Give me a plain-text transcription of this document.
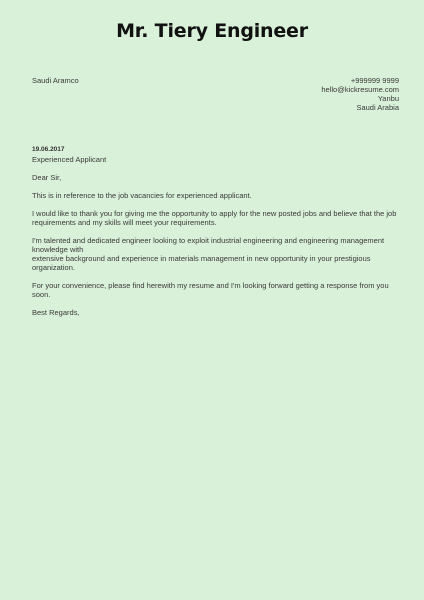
Mr. Tiery Engineer
Saudi Aramco	+999999 9999
hello@kickresume.com
Yanbu
Saudi Arabia
19.06.2017
Experienced Applicant
Dear Sir,
This is in reference to the job vacancies for experienced applicant.
I would like to thank you for giving me the opportunity to apply for the new posted jobs and believe that the job requirements and my skills will meet your requirements.
I'm talented and dedicated engineer looking to exploit industrial engineering and engineering management knowledge with
extensive background and experience in materials management in new opportunity in your prestigious organization.
For your convenience, please find herewith my resume and I'm looking forward getting a response from you soon.
Best Regards,
